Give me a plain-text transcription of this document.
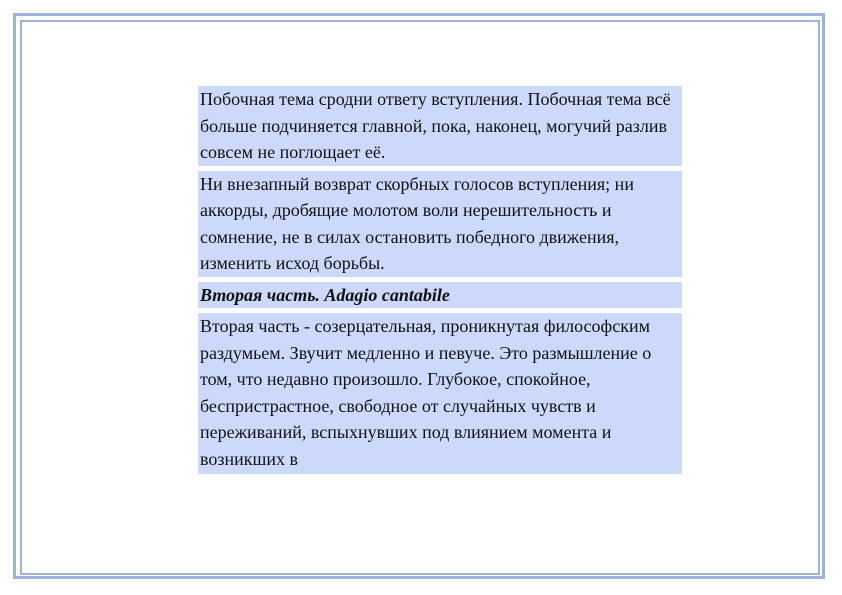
Побочная тема сродни ответу вступления. Побочная тема всё больше подчиняется главной, пока, наконец, могучий разлив совсем не поглощает её.

Ни внезапный возврат скорбных голосов вступления; ни аккорды, дробящие молотом воли нерешительность и сомнение, не в силах остановить победного движения, изменить исход борьбы.

Вторая часть. Adagio cantabile

Вторая часть - созерцательная, проникнутая философским раздумьем. Звучит медленно и певуче. Это размышление о том, что недавно произошло. Глубокое, спокойное, беспристрастное, свободное от случайных чувств и переживаний, вспыхнувших под влиянием момента и возникших в
